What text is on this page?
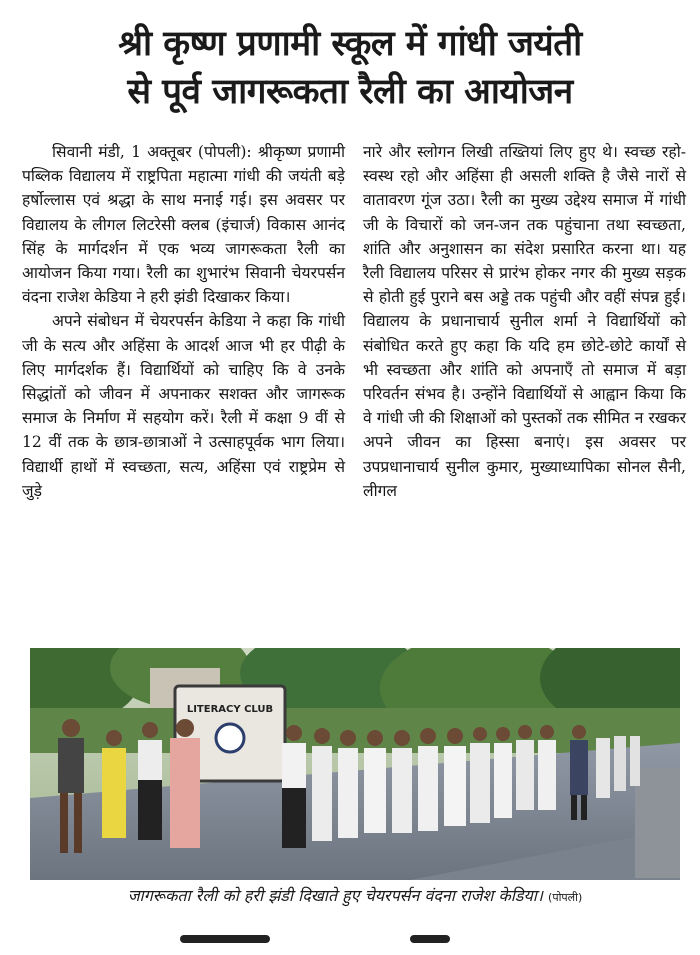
श्री कृष्ण प्रणामी स्कूल में गांधी जयंती
से पूर्व जागरूकता रैली का आयोजन

सिवानी मंडी, 1 अक्तूबर (पोपली): श्रीकृष्ण प्रणामी पब्लिक विद्यालय में राष्ट्रपिता महात्मा गांधी की जयंती बड़े हर्षोल्लास एवं श्रद्धा के साथ मनाई गई। इस अवसर पर विद्यालय के लीगल लिटरेसी क्लब (इंचार्ज) विकास आनंद सिंह के मार्गदर्शन में एक भव्य जागरूकता रैली का आयोजन किया गया। रैली का शुभारंभ सिवानी चेयरपर्सन वंदना राजेश केडिया ने हरी झंडी दिखाकर किया।

अपने संबोधन में चेयरपर्सन केडिया ने कहा कि गांधी जी के सत्य और अहिंसा के आदर्श आज भी हर पीढ़ी के लिए मार्गदर्शक हैं। विद्यार्थियों को चाहिए कि वे उनके सिद्धांतों को जीवन में अपनाकर सशक्त और जागरूक समाज के निर्माण में सहयोग करें। रैली में कक्षा 9 वीं से 12 वीं तक के छात्र-छात्राओं ने उत्साहपूर्वक भाग लिया। विद्यार्थी हाथों में स्वच्छता, सत्य, अहिंसा एवं राष्ट्रप्रेम से जुड़े

नारे और स्लोगन लिखी तख्तियां लिए हुए थे। स्वच्छ रहो- स्वस्थ रहो और अहिंसा ही असली शक्ति है जैसे नारों से वातावरण गूंज उठा। रैली का मुख्य उद्देश्य समाज में गांधी जी के विचारों को जन-जन तक पहुंचाना तथा स्वच्छता, शांति और अनुशासन का संदेश प्रसारित करना था। यह रैली विद्यालय परिसर से प्रारंभ होकर नगर की मुख्य सड़क से होती हुई पुराने बस अड्डे तक पहुंची और वहीं संपन्न हुई। विद्यालय के प्रधानाचार्य सुनील शर्मा ने विद्यार्थियों को संबोधित करते हुए कहा कि यदि हम छोटे-छोटे कार्यों से भी स्वच्छता और शांति को अपनाएँ तो समाज में बड़ा परिवर्तन संभव है। उन्होंने विद्यार्थियों से आह्वान किया कि वे गांधी जी की शिक्षाओं को पुस्तकों तक सीमित न रखकर अपने जीवन का हिस्सा बनाएं। इस अवसर पर उपप्रधानाचार्य सुनील कुमार, मुख्याध्यापिका सोनल सैनी, लीगल

LITERACY CLUB
जागरूकता रैली को हरी झंडी दिखाते हुए चेयरपर्सन वंदना राजेश केडिया। (पोपली)
